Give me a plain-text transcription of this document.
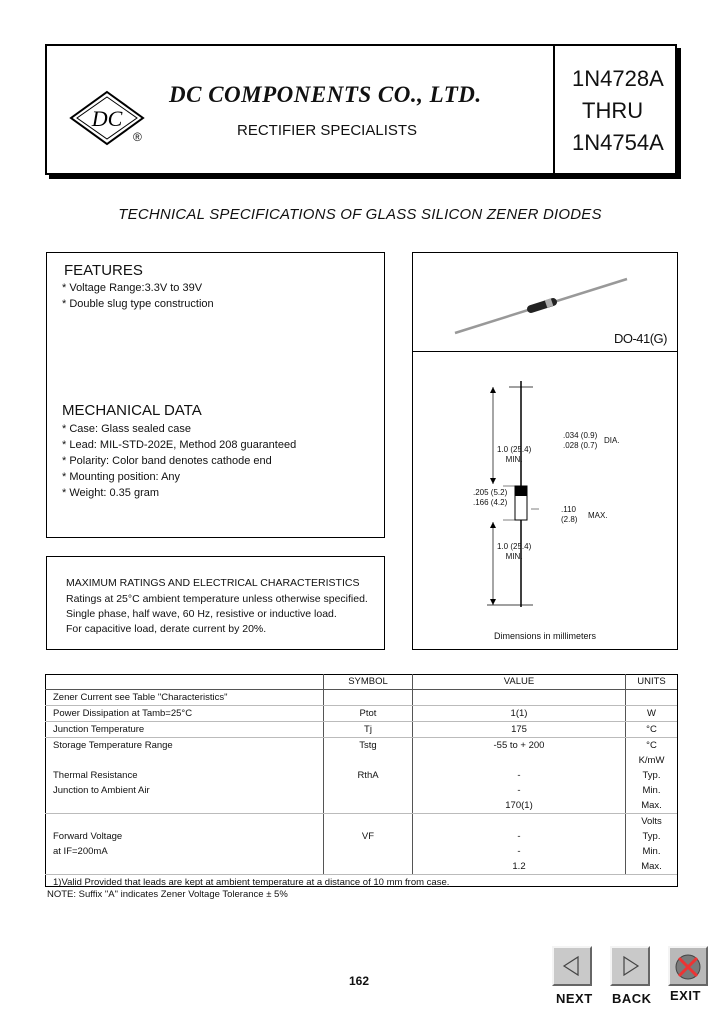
DC
®
DC COMPONENTS CO., LTD.
RECTIFIER SPECIALISTS
1N4728A
THRU
1N4754A
TECHNICAL SPECIFICATIONS OF GLASS SILICON ZENER DIODES
FEATURES
* Voltage Range:3.3V to 39V
* Double slug type construction
MECHANICAL DATA
* Case: Glass sealed case
* Lead: MIL-STD-202E, Method 208 guaranteed
* Polarity: Color band denotes cathode end
* Mounting position: Any
* Weight: 0.35 gram
DO-41(G)
.034 (0.9)
.028 (0.7)
DIA.
1.0 (25.4)
MIN.
.205 (5.2)
.166 (4.2)
.110
(2.8) MAX.
1.0 (25.4)
MIN.
Dimensions in millimeters
MAXIMUM RATINGS AND ELECTRICAL CHARACTERISTICS
Ratings at 25°C ambient temperature unless otherwise specified.
Single phase, half wave, 60 Hz, resistive or inductive load.
For capacitive load, derate current by 20%.
	SYMBOL	VALUE	UNITS
Zener Current see Table "Characteristics"			
Power Dissipation at Tamb=25°C	Ptot	1(1)	W
Junction Temperature	Tj	175	°C
Storage Temperature Range	Tstg	-55 to + 200	°C
			K/mW
Thermal Resistance	RthA	-	Typ.
Junction to Ambient Air		-	Min.
		170(1)	Max.
			Volts
Forward Voltage	VF	-	Typ.
at IF=200mA		-	Min.
		1.2	Max.
1)Valid Provided that leads are kept at ambient temperature at a distance of 10 mm from case.			
NOTE: Suffix "A" indicates Zener Voltage Tolerance ± 5%
162
NEXT BACK EXIT
